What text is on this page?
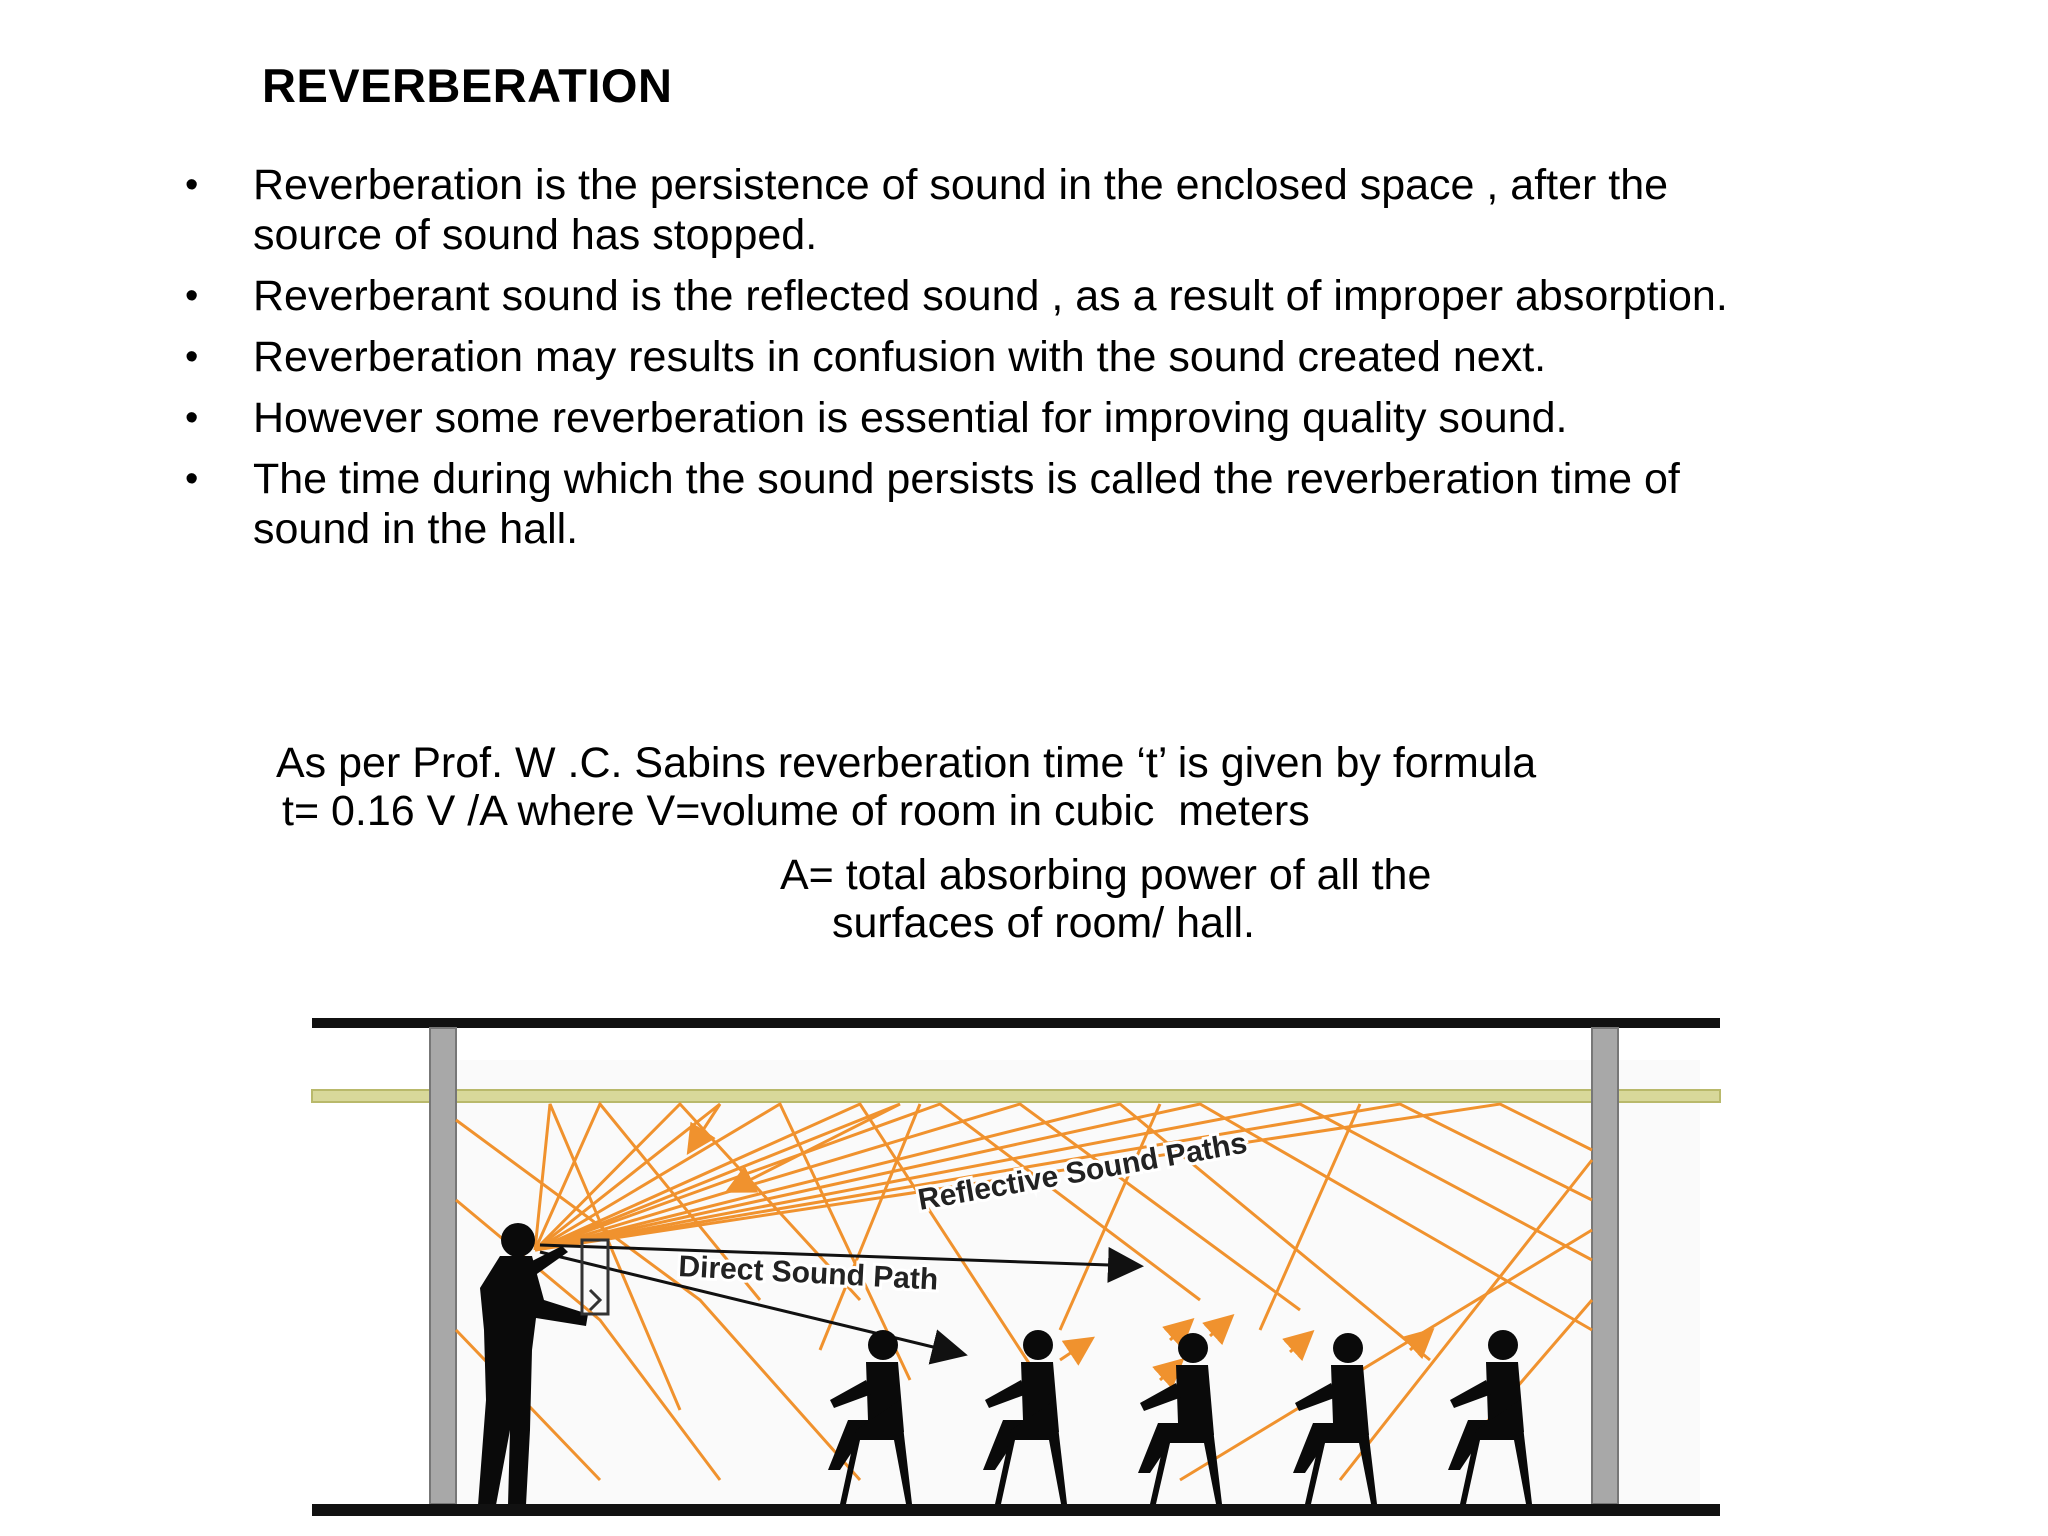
REVERBERATION
•	Reverberation is the persistence of sound in the enclosed space , after the source of sound has stopped.
•	Reverberant sound is the reflected sound , as a result of improper absorption.
•	Reverberation may results in confusion with the sound created next.
•	However some reverberation is essential for improving quality sound.
•	The time during which the sound persists is called the reverberation time of sound in the hall.

As per Prof. W .C. Sabins reverberation time ‘t’ is given by formula

t= 0.16 V /A where V=volume of room in cubic  meters

A= total absorbing power of all the

surfaces of room/ hall.

Reflective Sound Paths
Direct Sound Path
